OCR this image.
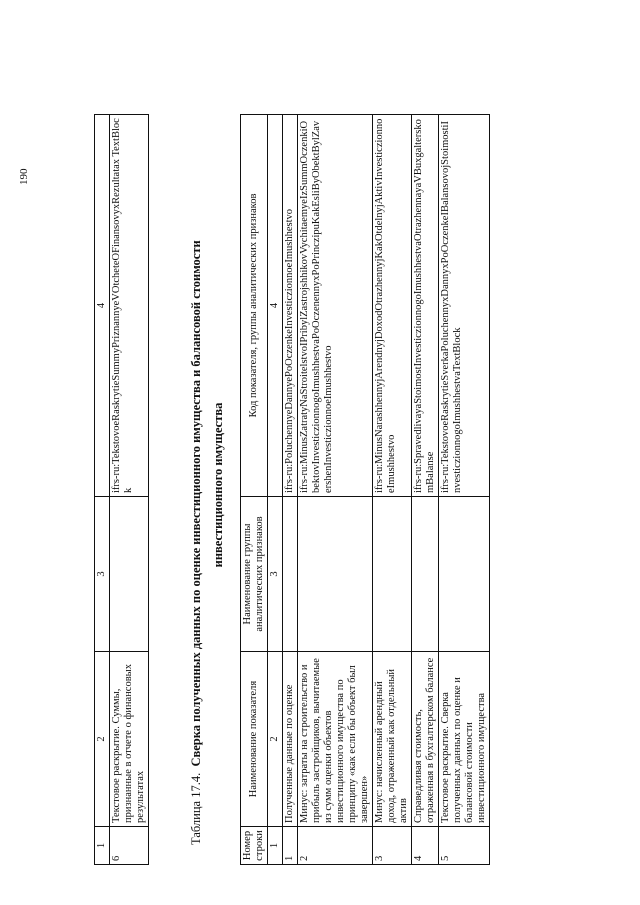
190
1	2	3	4
6	Текстовое раскрытие. Суммы, признанные в отчете о финансовых результатах		ifrs-ru:TekstovoeRaskrytieSummyPriznannyeVOtcheteOFinansovyxRezultatax TextBlock
Таблица 17.4.  Сверка полученных данных по оценке инвестиционного имущества и балансовой стоимости инвестиционного имущества
Номер строки	Наименование показателя	Наименование группы аналитических признаков	Код показателя, группы аналитических признаков
1	2	3	4
1	Полученные данные по оценке		ifrs-ru:PoluchennyeDannyePoOczenkeInvesticzionnoeImushhestvo
2	Минус: затраты на строительство и прибыль застройщиков, вычитаемые из сумм оценки объектов инвестиционного имущества по принципу «как если бы объект был завершен»		ifrs-ru:MinusZatratyNaStroitelstvoIPribylZastrojshhikovVychitaemyeIzSummOczenkiObektovInvesticzionnogoImushhestvaPoOczenennyxPoPrinczipuKakEsliByObektBylZavershenInvesticzionnoeImushhestvo
3	Минус: начисленный арендный доход, отраженный как отдельный актив		ifrs-ru:MinusNarashhennyjArendnyjDoxodOtrazhennyjKakOtdelnyjAktivInvesticzionnoeImushhestvo
4	Справедливая стоимость, отраженная в бухгалтерском балансе		ifrs-ru:SpravedlivayaStoimostInvesticzionnogoImushhestvaOtrazhennayaVBuxgalterskomBalanse
5	Текстовое раскрытие. Сверка полученных данных по оценке и балансовой стоимости инвестиционного имущества		ifrs-ru:TekstovoeRaskrytieSverkaPoluchennyxDannyxPoOczenkeIBalansovojStoimostiInvesticzionnogoImushhestvaTextBlock
